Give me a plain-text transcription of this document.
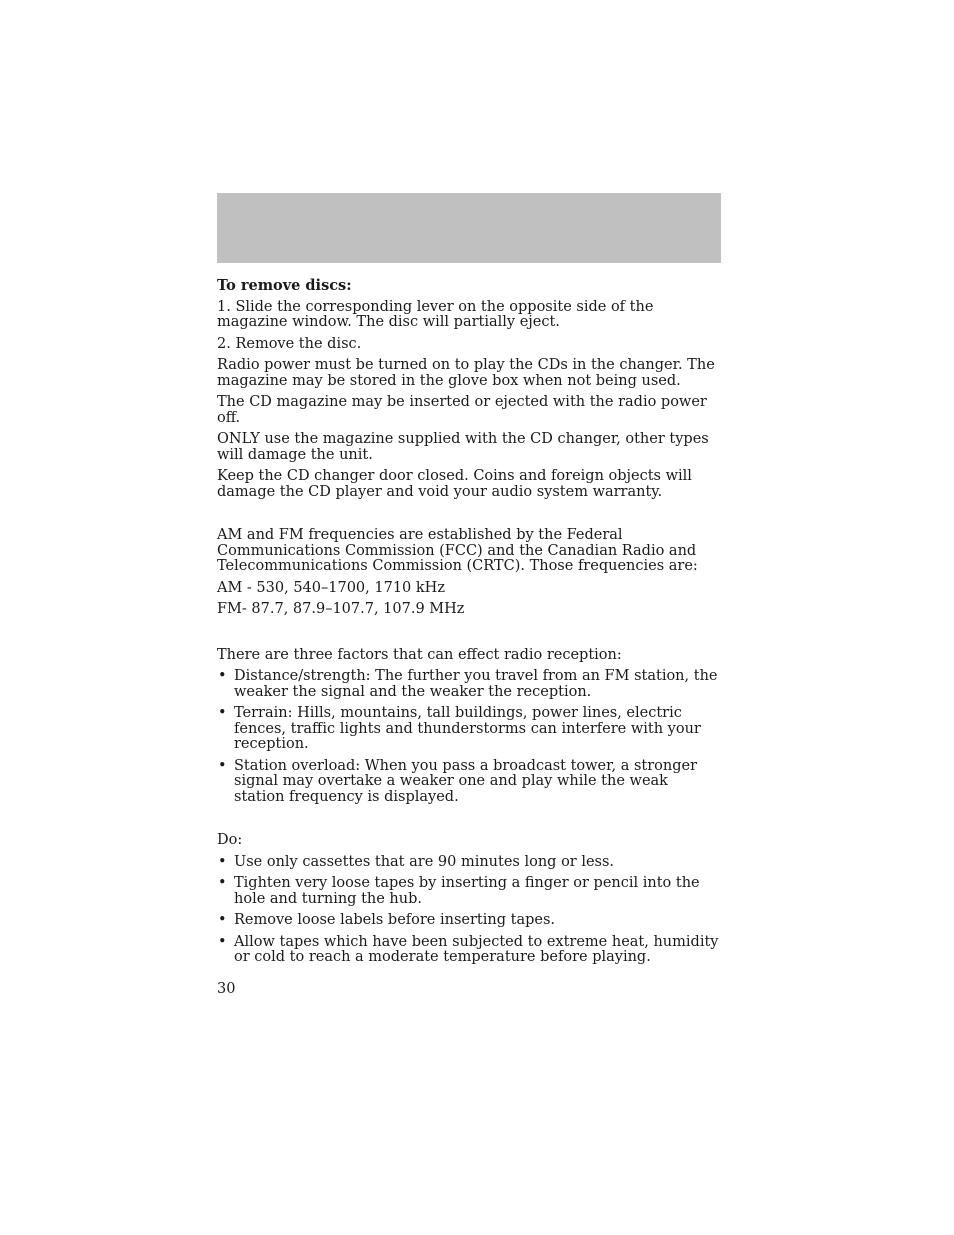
To remove discs:

1. Slide the corresponding lever on the opposite side of the magazine window. The disc will partially eject.

2. Remove the disc.

Radio power must be turned on to play the CDs in the changer. The magazine may be stored in the glove box when not being used.

The CD magazine may be inserted or ejected with the radio power off.

ONLY use the magazine supplied with the CD changer, other types will damage the unit.

Keep the CD changer door closed. Coins and foreign objects will damage the CD player and void your audio system warranty.

AM and FM frequencies are established by the Federal Communications Commission (FCC) and the Canadian Radio and Telecommunications Commission (CRTC). Those frequencies are:

AM - 530, 540–1700, 1710 kHz

FM- 87.7, 87.9–107.7, 107.9 MHz

There are three factors that can effect radio reception:

• Distance/strength: The further you travel from an FM station, the weaker the signal and the weaker the reception.
• Terrain: Hills, mountains, tall buildings, power lines, electric fences, traffic lights and thunderstorms can interfere with your reception.
• Station overload: When you pass a broadcast tower, a stronger signal may overtake a weaker one and play while the weak station frequency is displayed.

Do:

• Use only cassettes that are 90 minutes long or less.
• Tighten very loose tapes by inserting a finger or pencil into the hole and turning the hub.
• Remove loose labels before inserting tapes.
• Allow tapes which have been subjected to extreme heat, humidity or cold to reach a moderate temperature before playing.
30
